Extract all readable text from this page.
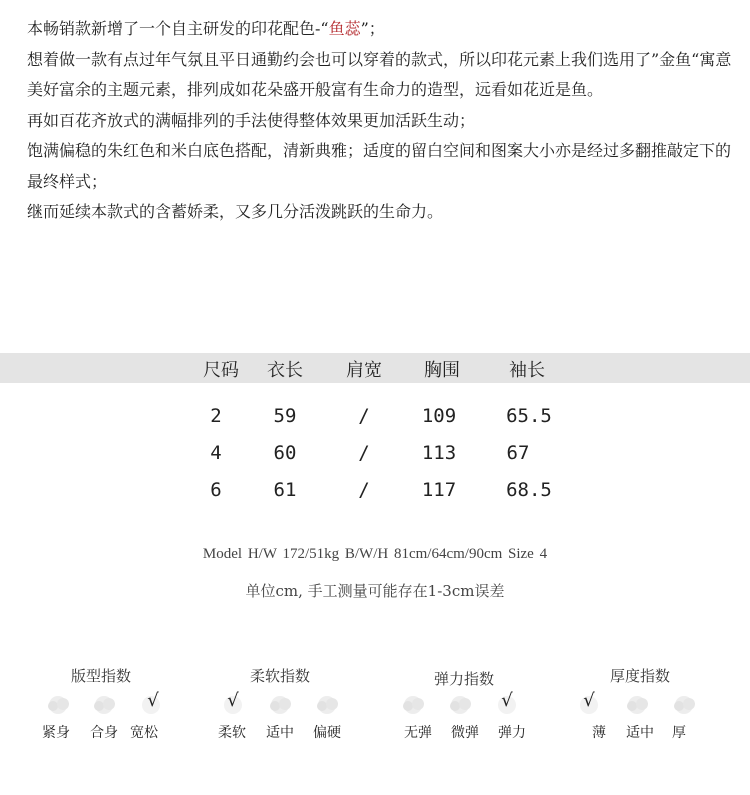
本畅销款新增了一个自主研发的印花配色-“鱼蕊”；

想着做一款有点过年气氛且平日通勤约会也可以穿着的款式，所以印花元素上我们选用了”金鱼“寓意美好富余的主题元素，排列成如花朵盛开般富有生命力的造型，远看如花近是鱼。

再如百花齐放式的满幅排列的手法使得整体效果更加活跃生动；

饱满偏稳的朱红色和米白底色搭配，清新典雅；适度的留白空间和图案大小亦是经过多翻推敲定下的最终样式；

继而延续本款式的含蓄娇柔，又多几分活泼跳跃的生命力。

尺码 衣长 肩宽 胸围	袖长
2	59	/	109	65.5
4	60	/	113	67
6	61	/	117	68.5
Model H/W 172/51kg B/W/H 81cm/64cm/90cm Size 4
单位cm, 手工测量可能存在1-3cm误差
版型指数	柔软指数	弹力指数	厚度指数
紧身 合身 宽松	柔软 适中 偏硬	无弹 微弹 弹力	薄 适中 厚
√	√	√	√
